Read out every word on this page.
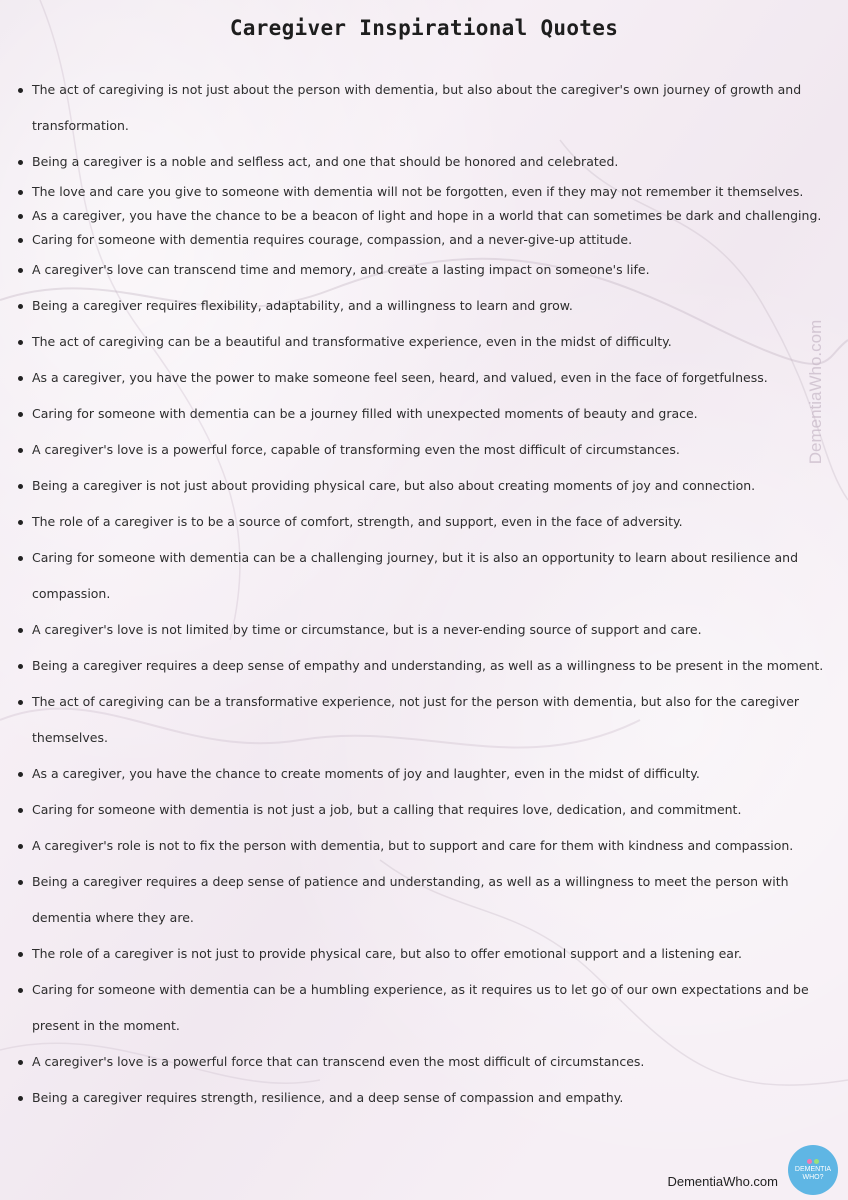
Caregiver Inspirational Quotes
The act of caregiving is not just about the person with dementia, but also about the caregiver's own journey of growth and transformation.
Being a caregiver is a noble and selfless act, and one that should be honored and celebrated.
The love and care you give to someone with dementia will not be forgotten, even if they may not remember it themselves.
As a caregiver, you have the chance to be a beacon of light and hope in a world that can sometimes be dark and challenging.
Caring for someone with dementia requires courage, compassion, and a never-give-up attitude.
A caregiver's love can transcend time and memory, and create a lasting impact on someone's life.
Being a caregiver requires flexibility, adaptability, and a willingness to learn and grow.
The act of caregiving can be a beautiful and transformative experience, even in the midst of difficulty.
As a caregiver, you have the power to make someone feel seen, heard, and valued, even in the face of forgetfulness.
Caring for someone with dementia can be a journey filled with unexpected moments of beauty and grace.
A caregiver's love is a powerful force, capable of transforming even the most difficult of circumstances.
Being a caregiver is not just about providing physical care, but also about creating moments of joy and connection.
The role of a caregiver is to be a source of comfort, strength, and support, even in the face of adversity.
Caring for someone with dementia can be a challenging journey, but it is also an opportunity to learn about resilience and compassion.
A caregiver's love is not limited by time or circumstance, but is a never-ending source of support and care.
Being a caregiver requires a deep sense of empathy and understanding, as well as a willingness to be present in the moment.
The act of caregiving can be a transformative experience, not just for the person with dementia, but also for the caregiver themselves.
As a caregiver, you have the chance to create moments of joy and laughter, even in the midst of difficulty.
Caring for someone with dementia is not just a job, but a calling that requires love, dedication, and commitment.
A caregiver's role is not to fix the person with dementia, but to support and care for them with kindness and compassion.
Being a caregiver requires a deep sense of patience and understanding, as well as a willingness to meet the person with dementia where they are.
The role of a caregiver is not just to provide physical care, but also to offer emotional support and a listening ear.
Caring for someone with dementia can be a humbling experience, as it requires us to let go of our own expectations and be present in the moment.
A caregiver's love is a powerful force that can transcend even the most difficult of circumstances.
Being a caregiver requires strength, resilience, and a deep sense of compassion and empathy.
DementiaWho.com
DementiaWho.com
DEMENTIA
WHO?
